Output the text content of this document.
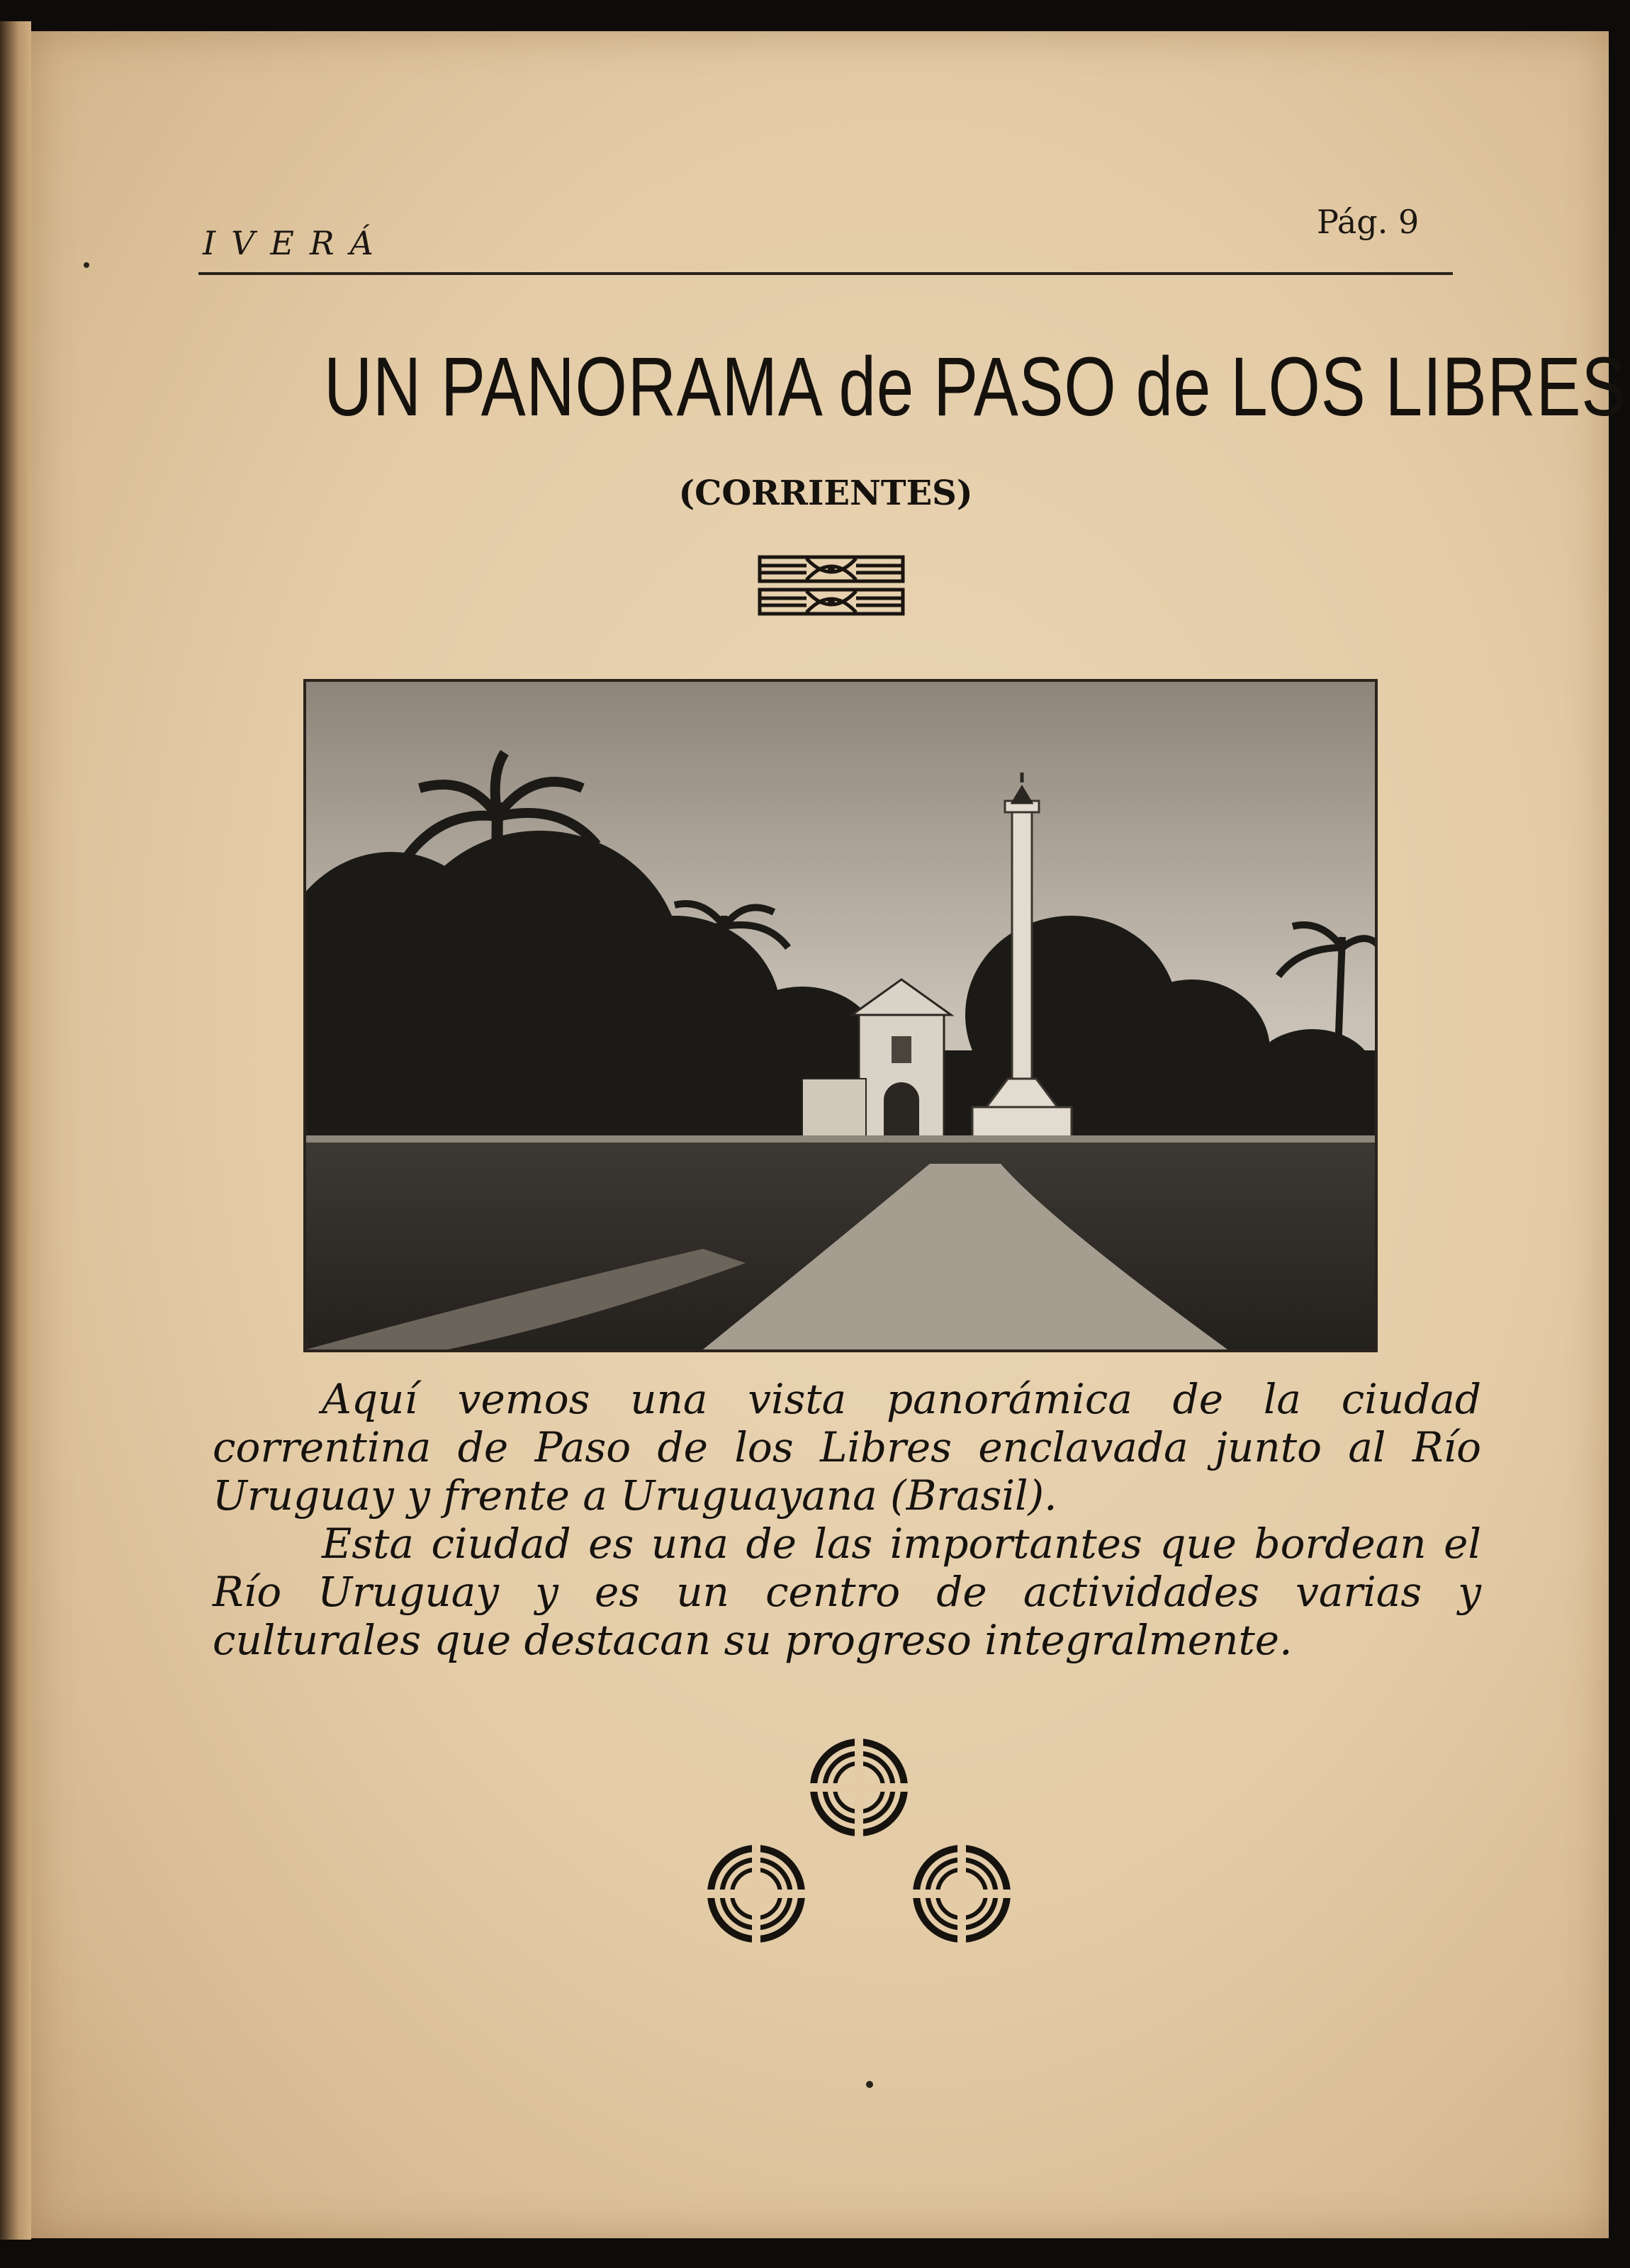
IVERÁ
Pág. 9
UN PANORAMA de PASO de LOS LIBRES
(CORRIENTES)

Aquí vemos una vista panorámica de la ciudad correntina de Paso de los Libres enclavada junto al Río Uruguay y frente a Uruguayana (Brasil).

Esta ciudad es una de las importantes que bordean el Río Uruguay y es un centro de actividades varias y culturales que destacan su progreso integralmente.
